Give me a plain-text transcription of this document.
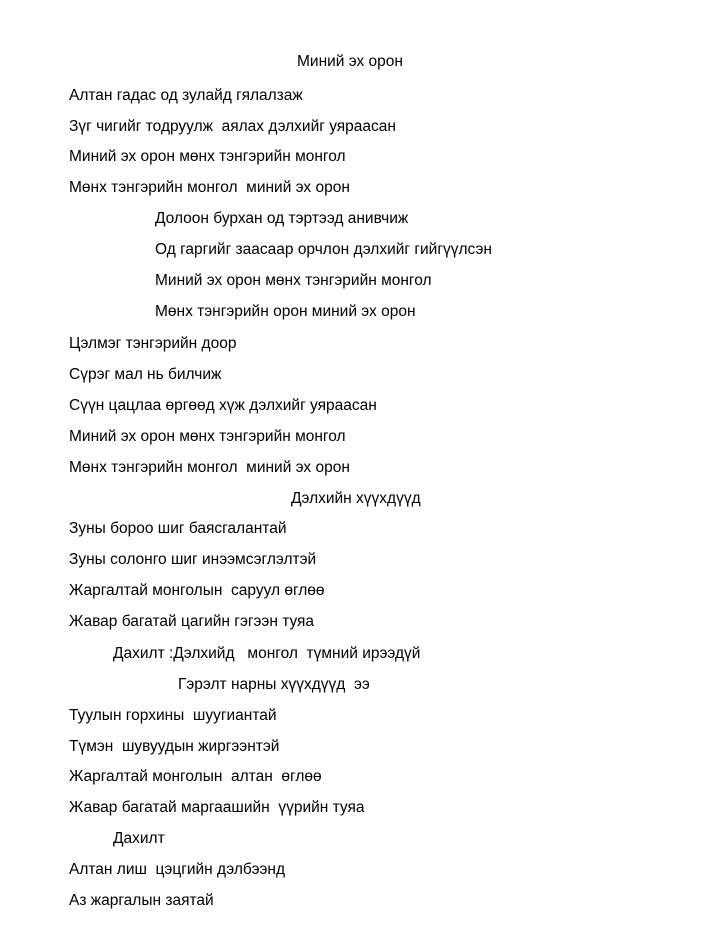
Миний эх орон
Алтан гадас од зулайд гялалзаж
Зүг чигийг тодруулж  аялах дэлхийг уяраасан
Миний эх орон мөнх тэнгэрийн монгол
Мөнх тэнгэрийн монгол  миний эх орон
Долоон бурхан од тэртээд анивчиж
Од гаргийг заасаар орчлон дэлхийг гийгүүлсэн
Миний эх орон мөнх тэнгэрийн монгол
Мөнх тэнгэрийн орон миний эх орон
Цэлмэг тэнгэрийн доор
Сүрэг мал нь билчиж
Сүүн цацлаа өргөөд хүж дэлхийг уяраасан
Миний эх орон мөнх тэнгэрийн монгол
Мөнх тэнгэрийн монгол  миний эх орон
Дэлхийн хүүхдүүд
Зуны бороо шиг баясгалантай
Зуны солонго шиг инээмсэглэлтэй
Жаргалтай монголын  саруул өглөө
Жавар багатай цагийн гэгээн туяа
Дахилт :Дэлхийд   монгол  түмний ирээдүй
Гэрэлт нарны хүүхдүүд  ээ
Туулын горхины  шуугиантай
Түмэн  шувуудын жиргээнтэй
Жаргалтай монголын  алтан  өглөө
Жавар багатай маргаашийн  үүрийн туяа
Дахилт
Алтан лиш  цэцгийн дэлбээнд
Аз жаргалын заятай
